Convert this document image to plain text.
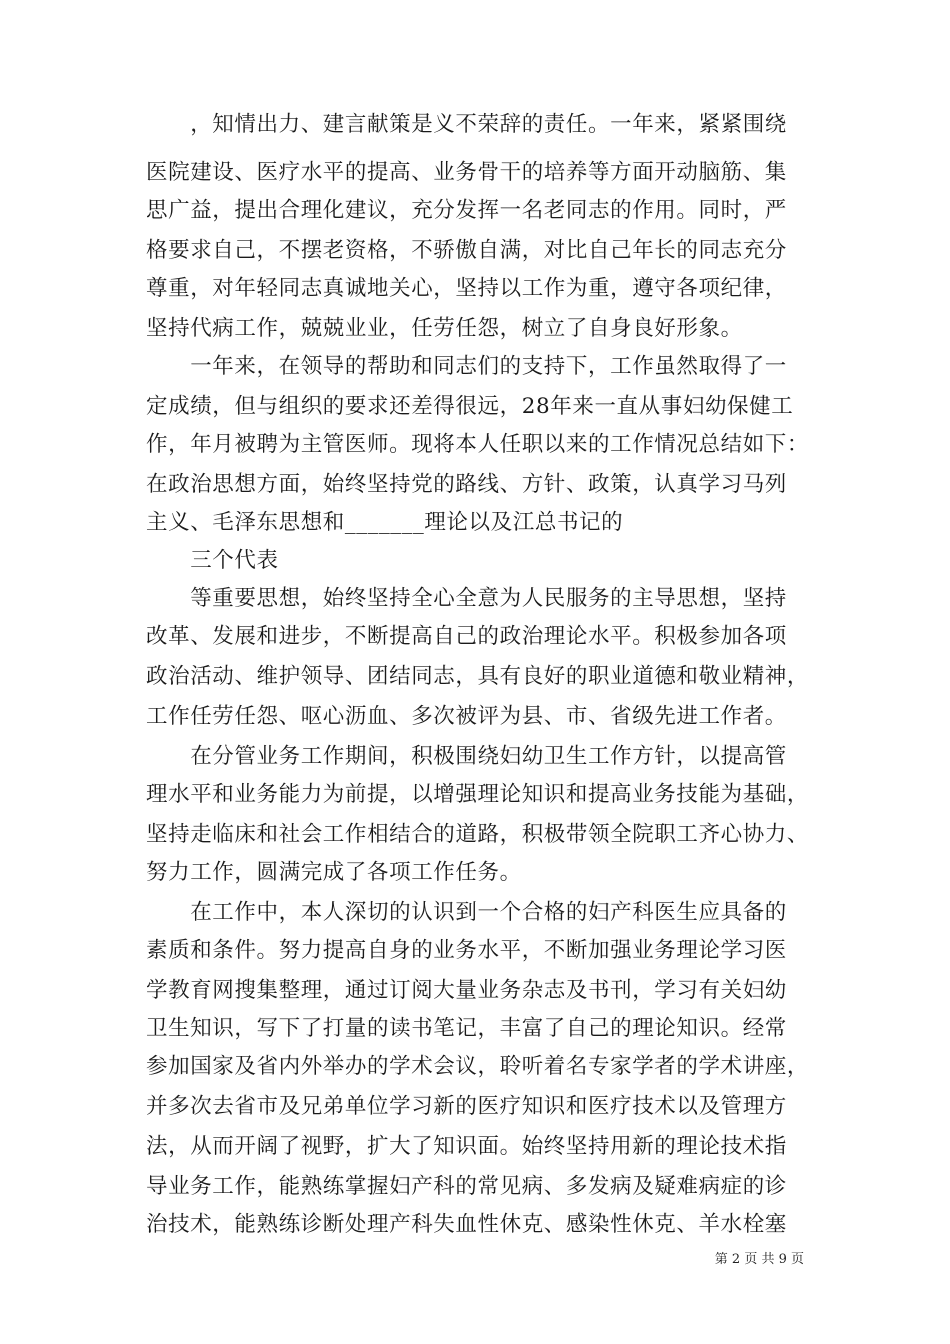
　　，知情出力、建言献策是义不荣辞的责任。一年来，紧紧围绕
医院建设、医疗水平的提高、业务骨干的培养等方面开动脑筋、集
思广益，提出合理化建议，充分发挥一名老同志的作用。同时，严
格要求自己，不摆老资格，不骄傲自满，对比自己年长的同志充分
尊重，对年轻同志真诚地关心，坚持以工作为重，遵守各项纪律，
坚持代病工作，兢兢业业，任劳任怨，树立了自身良好形象。
　　一年来，在领导的帮助和同志们的支持下，工作虽然取得了一
定成绩，但与组织的要求还差得很远，28年来一直从事妇幼保健工
作，年月被聘为主管医师。现将本人任职以来的工作情况总结如下：
在政治思想方面，始终坚持党的路线、方针、政策，认真学习马列
主义、毛泽东思想和_______理论以及江总书记的
　　三个代表
　　等重要思想，始终坚持全心全意为人民服务的主导思想，坚持
改革、发展和进步，不断提高自己的政治理论水平。积极参加各项
政治活动、维护领导、团结同志，具有良好的职业道德和敬业精神，
工作任劳任怨、呕心沥血、多次被评为县、市、省级先进工作者。
　　在分管业务工作期间，积极围绕妇幼卫生工作方针，以提高管
理水平和业务能力为前提，以增强理论知识和提高业务技能为基础，
坚持走临床和社会工作相结合的道路，积极带领全院职工齐心协力、
努力工作，圆满完成了各项工作任务。
　　在工作中，本人深切的认识到一个合格的妇产科医生应具备的
素质和条件。努力提高自身的业务水平，不断加强业务理论学习医
学教育网搜集整理，通过订阅大量业务杂志及书刊，学习有关妇幼
卫生知识，写下了打量的读书笔记，丰富了自己的理论知识。经常
参加国家及省内外举办的学术会议，聆听着名专家学者的学术讲座，
并多次去省市及兄弟单位学习新的医疗知识和医疗技术以及管理方
法，从而开阔了视野，扩大了知识面。始终坚持用新的理论技术指
导业务工作，能熟练掌握妇产科的常见病、多发病及疑难病症的诊
治技术，能熟练诊断处理产科失血性休克、感染性休克、羊水栓塞
第 2 页 共 9 页
